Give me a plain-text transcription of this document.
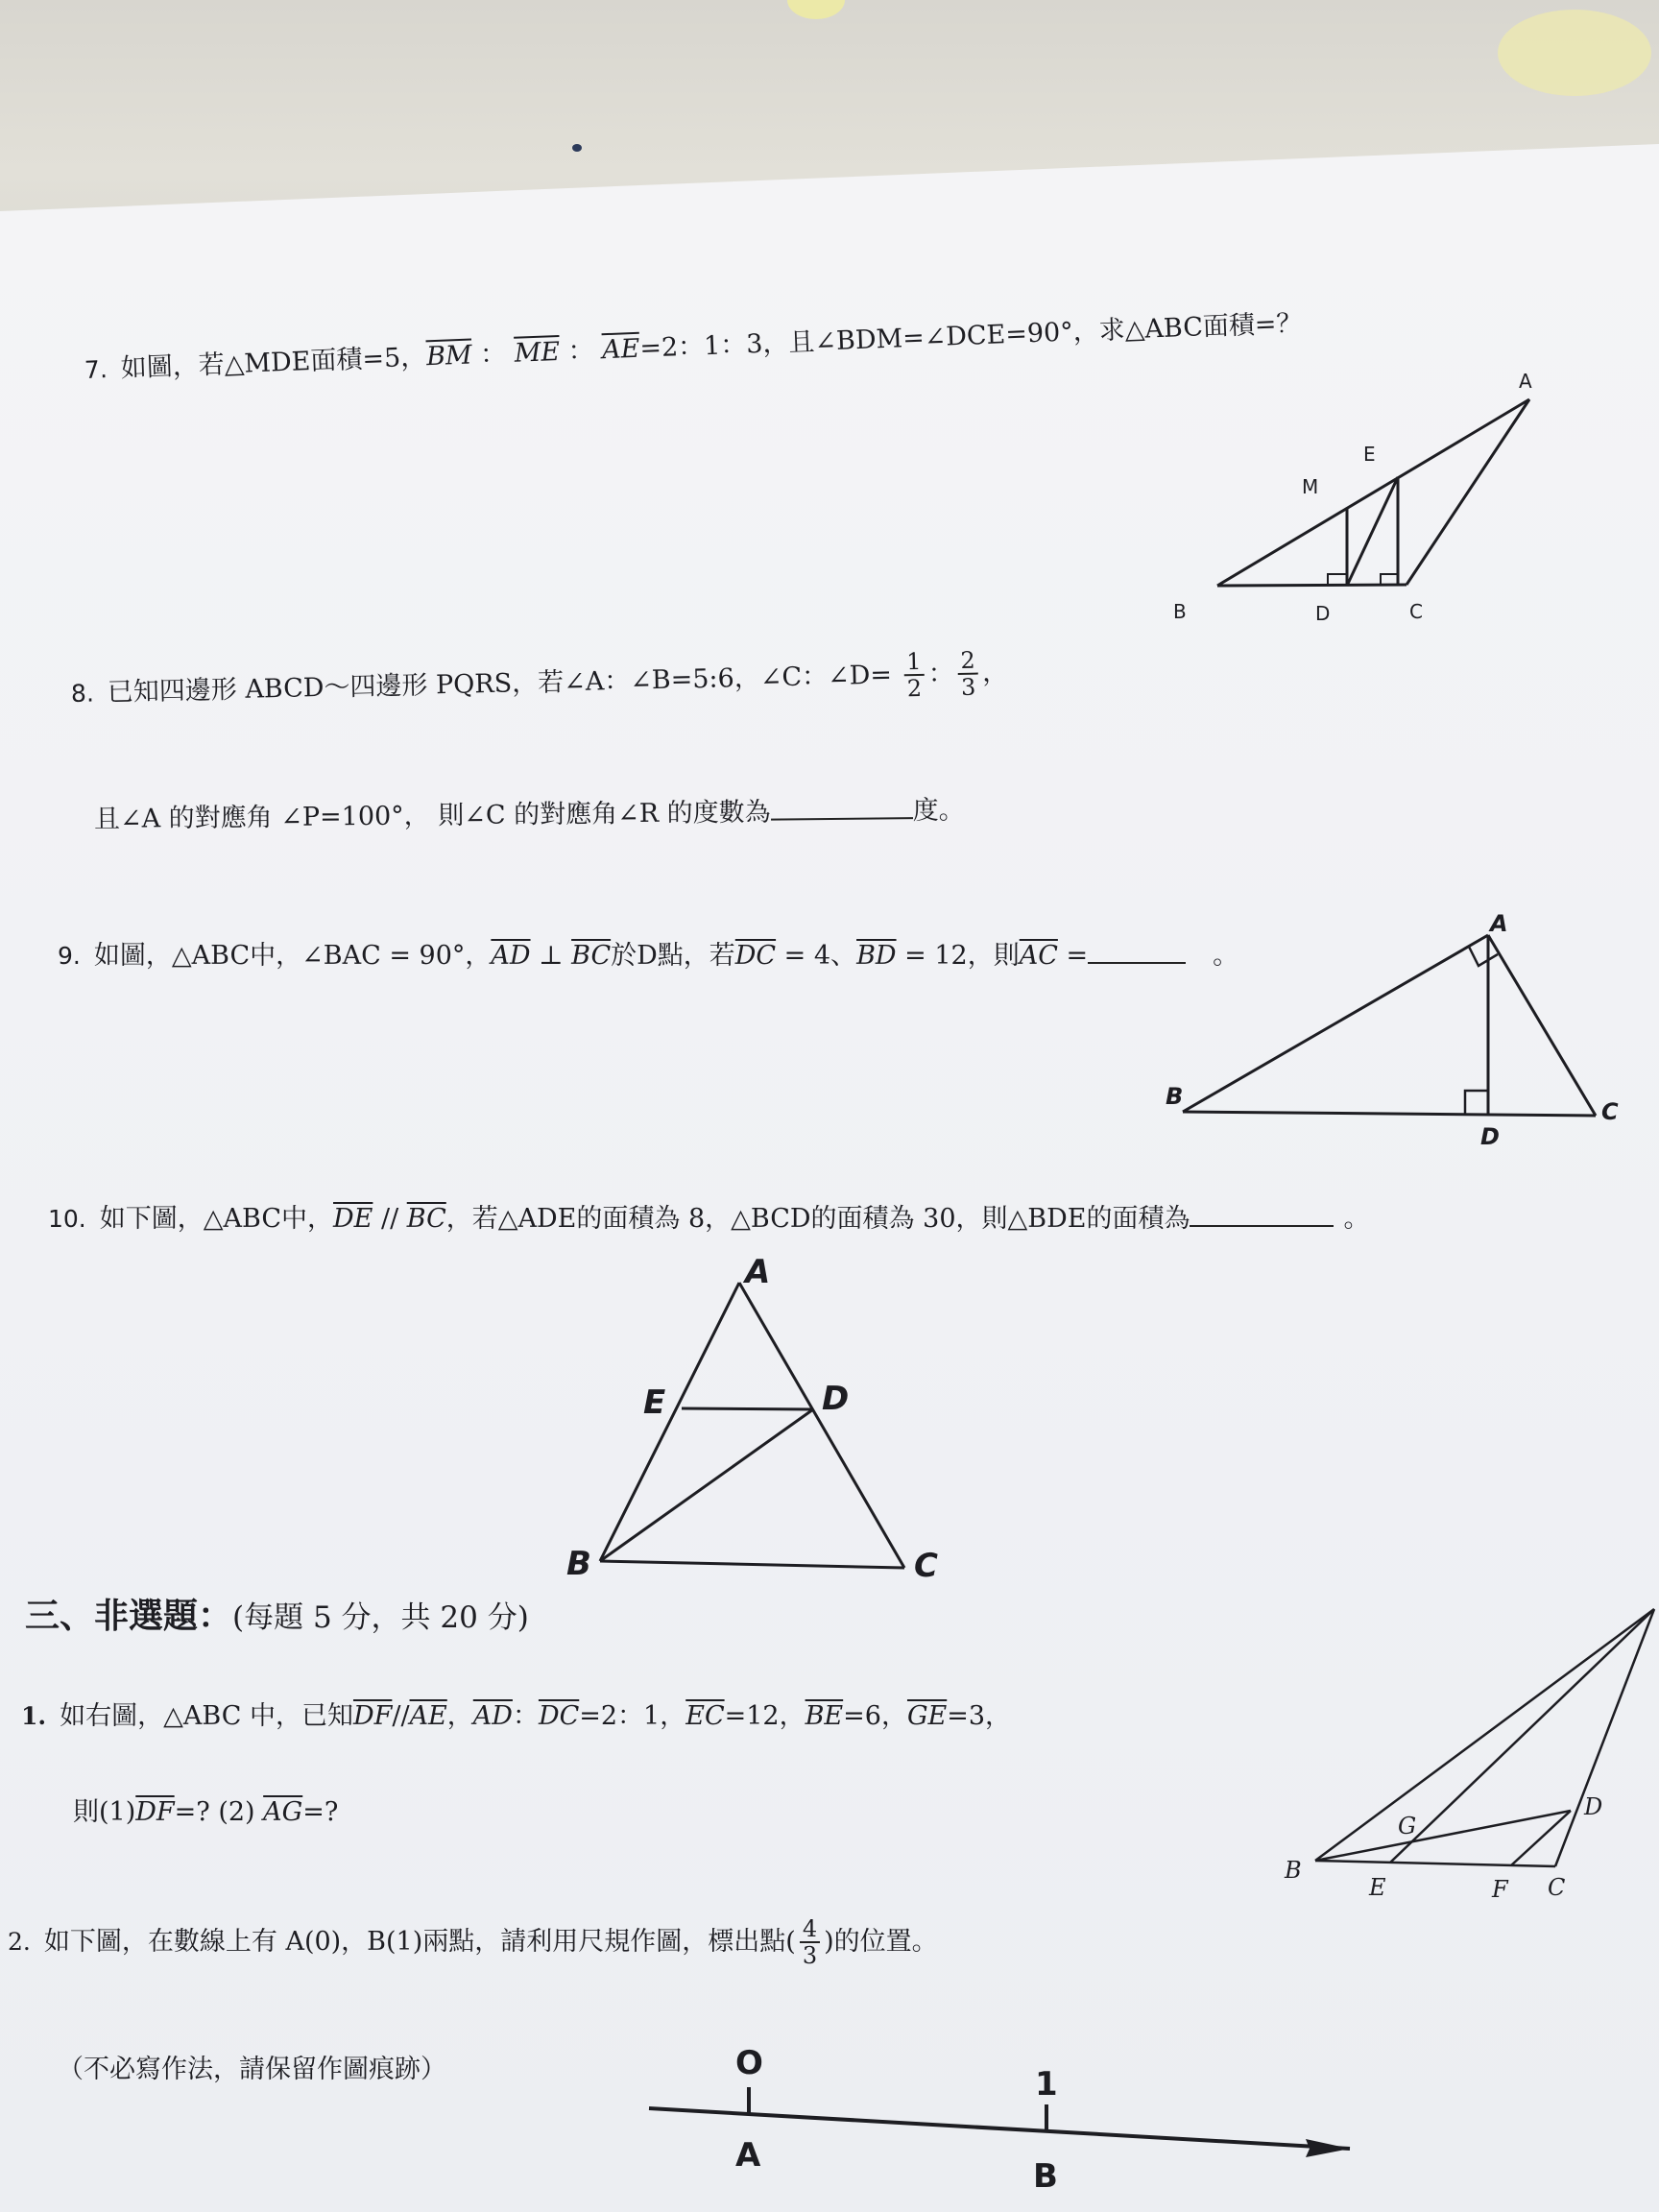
7. 如圖，若△MDE面積=5，$\overline{BM}$ ： $\overline{ME}$ ： $\overline{AE}=2$：1：3，且∠BDM=∠DCE=90°，求△ABC面積=？
A
E
M
B	D	C
8. 已知四邊形 ABCD～四邊形 PQRS，若∠A：∠B=5:6，∠C：∠D= $\frac{1}{2}$ ： $\frac{2}{3}$ ，
且∠A 的對應角 ∠P=100°， 則∠C 的對應角∠R 的度數為	度。
9. 如圖，△ABC中，∠BAC = 90°，$\overline{AD}$ ⊥ $\overline{BC}$於D點，若$\overline{DC} = 4$、$\overline{BD} = 12$，則$\overline{AC}$ =	。
A
B
C
D
10. 如下圖，△ABC中，$\overline{DE} // \overline{BC}$，若△ADE的面積為 8，△BCD的面積為 30，則△BDE的面積為	。
A
E	D
B	C
三、非選題：(每題 5 分，共 20 分)
1. 如右圖，△ABC 中，已知$\overline{DF}//\overline{AE}$，$\overline{AD}$：$\overline{DC}=2$：1，$\overline{EC}=12$，$\overline{BE}=6$，$\overline{GE}=3$，
則$(1)\overline{DF}=$? (2) $\overline{AG}=$?	G
D
B
E	F C
2. 如下圖，在數線上有 A(0)，B(1)兩點，請利用尺規作圖，標出點( $\frac{4}{3}$ )的位置。
（不必寫作法，請保留作圖痕跡）	O
1
A
B
